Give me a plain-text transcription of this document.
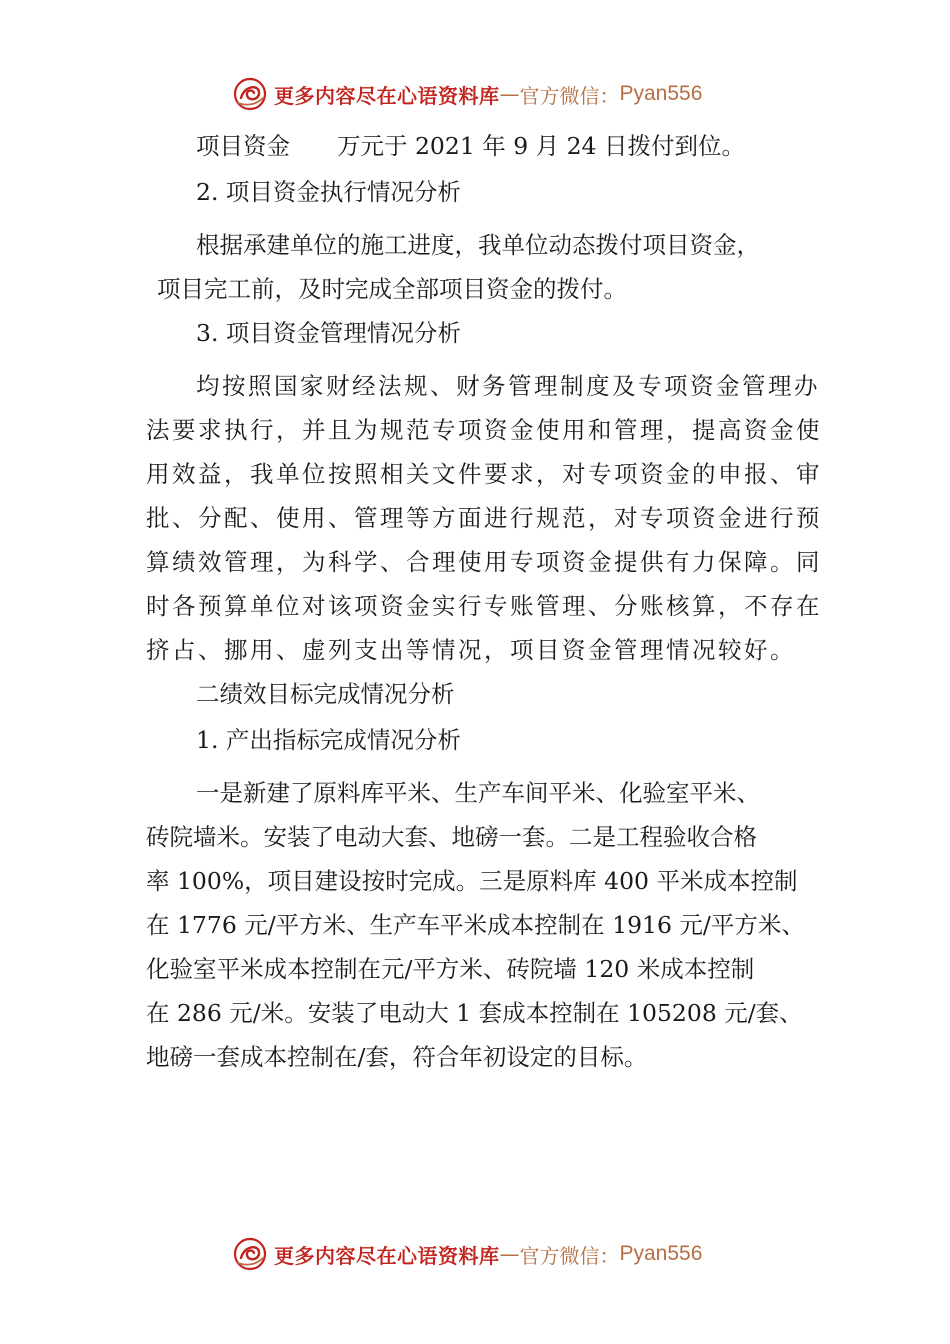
更多内容尽在心语资料库 — 官方微信： Pyan556
项目资金　　万元于 2021 年 9 月 24 日拨付到位。
2. 项目资金执行情况分析
根据承建单位的施工进度，我单位动态拨付项目资金，
项目完工前，及时完成全部项目资金的拨付。
3. 项目资金管理情况分析
均按照国家财经法规、财务管理制度及专项资金管理办
法要求执行，并且为规范专项资金使用和管理，提高资金使
用效益，我单位按照相关文件要求，对专项资金的申报、审
批、分配、使用、管理等方面进行规范，对专项资金进行预
算绩效管理，为科学、合理使用专项资金提供有力保障。同
时各预算单位对该项资金实行专账管理、分账核算，不存在
挤占、挪用、虚列支出等情况，项目资金管理情况较好。
二绩效目标完成情况分析
1. 产出指标完成情况分析
一是新建了原料库平米、生产车间平米、化验室平米、
砖院墙米。安装了电动大套、地磅一套。二是工程验收合格
率 100%，项目建设按时完成。三是原料库 400 平米成本控制
在 1776 元/平方米、生产车平米成本控制在 1916 元/平方米、
化验室平米成本控制在元/平方米、砖院墙 120 米成本控制
在 286 元/米。安装了电动大 1 套成本控制在 105208 元/套、
地磅一套成本控制在/套，符合年初设定的目标。
更多内容尽在心语资料库 — 官方微信： Pyan556
